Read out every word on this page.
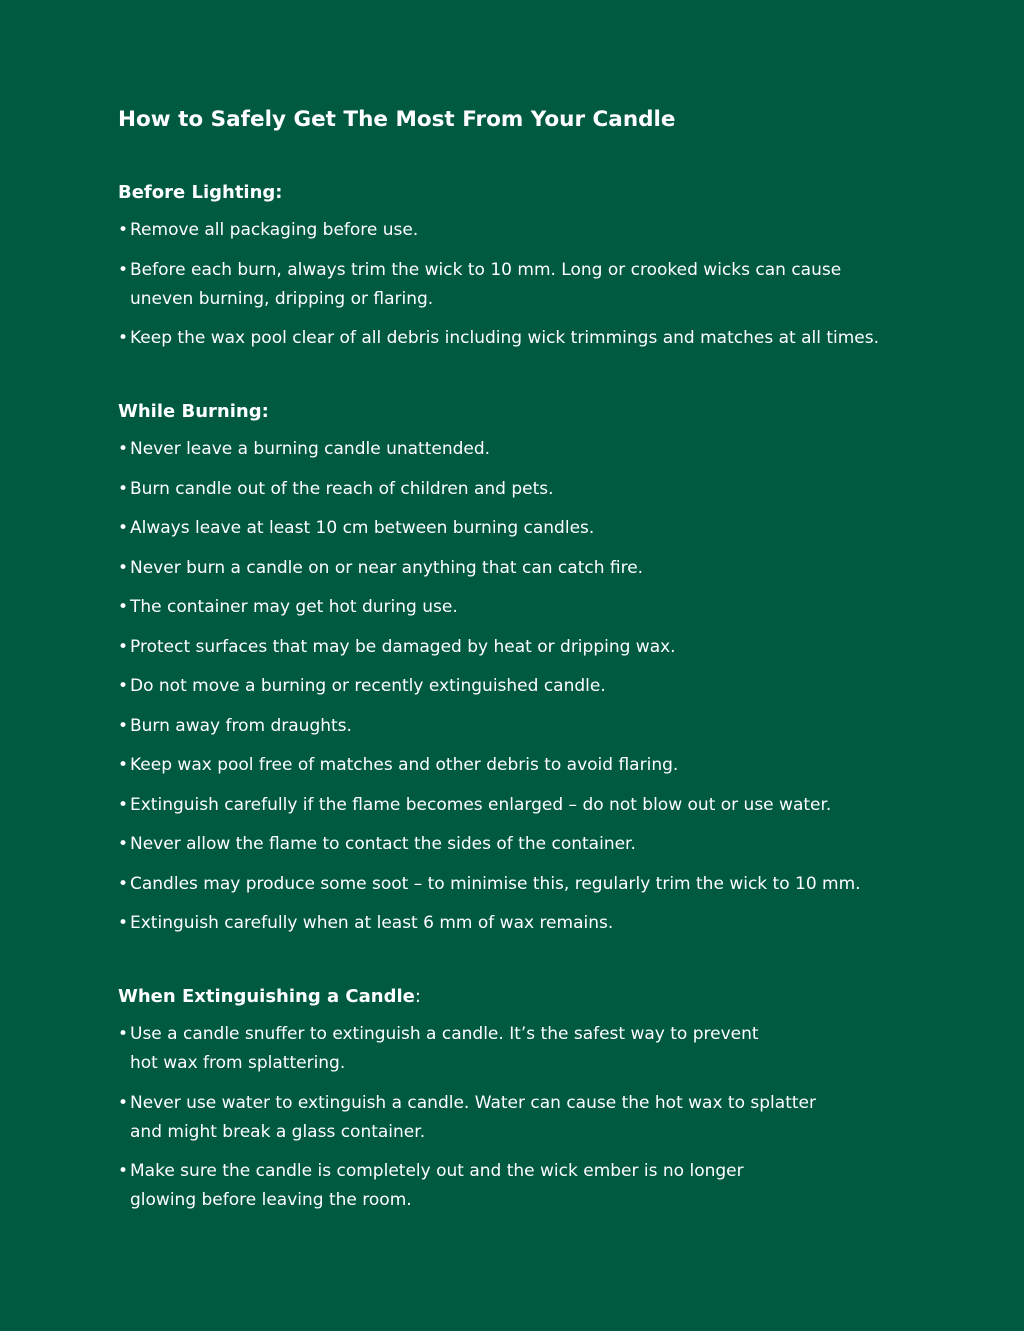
How to Safely Get The Most From Your Candle
Before Lighting:
• Remove all packaging before use.
• Before each burn, always trim the wick to 10 mm. Long or crooked wicks can cause uneven burning, dripping or flaring.
• Keep the wax pool clear of all debris including wick trimmings and matches at all times.
While Burning:
• Never leave a burning candle unattended.
• Burn candle out of the reach of children and pets.
• Always leave at least 10 cm between burning candles.
• Never burn a candle on or near anything that can catch fire.
• The container may get hot during use.
• Protect surfaces that may be damaged by heat or dripping wax.
• Do not move a burning or recently extinguished candle.
• Burn away from draughts.
• Keep wax pool free of matches and other debris to avoid flaring.
• Extinguish carefully if the flame becomes enlarged – do not blow out or use water.
• Never allow the flame to contact the sides of the container.
• Candles may produce some soot – to minimise this, regularly trim the wick to 10 mm.
• Extinguish carefully when at least 6 mm of wax remains.
When Extinguishing a Candle:
• Use a candle snuffer to extinguish a candle. It’s the safest way to prevent hot wax from splattering.
• Never use water to extinguish a candle. Water can cause the hot wax to splatter and might break a glass container.
• Make sure the candle is completely out and the wick ember is no longer glowing before leaving the room.
